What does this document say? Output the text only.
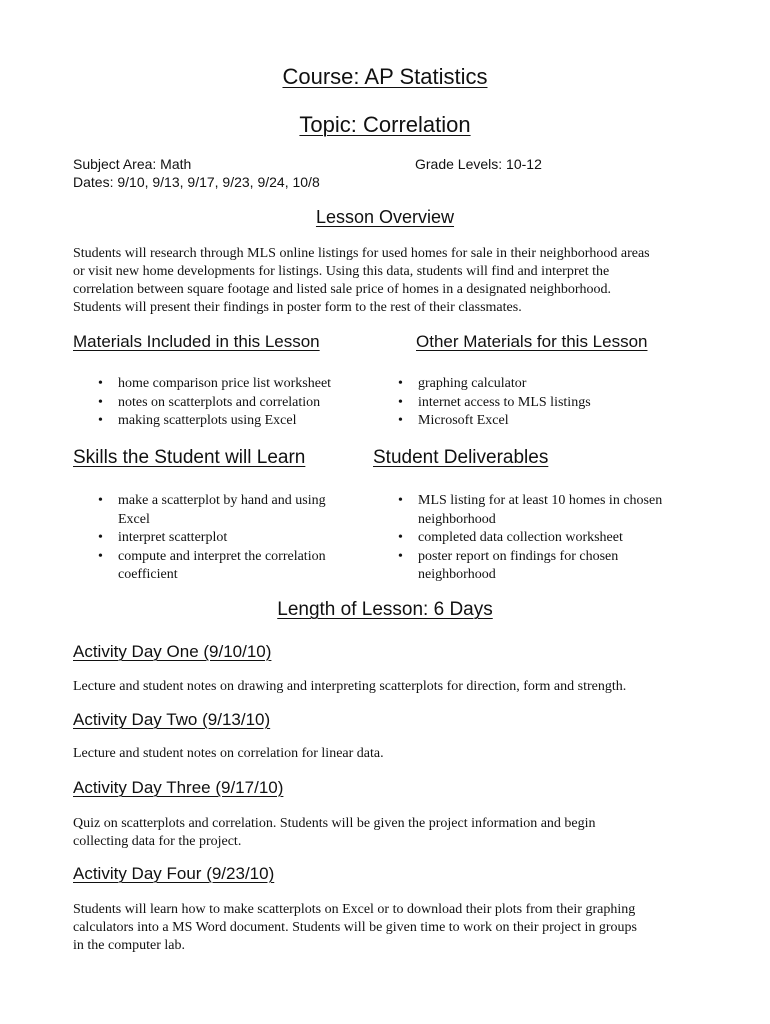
Course: AP Statistics
Topic: Correlation
Subject Area: Math	Grade Levels: 10-12
Dates: 9/10, 9/13, 9/17, 9/23, 9/24, 10/8
Lesson Overview
Students will research through MLS online listings for used homes for sale in their neighborhood areas
or visit new home developments for listings. Using this data, students will find and interpret the
correlation between square footage and listed sale price of homes in a designated neighborhood.
Students will present their findings in poster form to the rest of their classmates.
Materials Included in this Lesson	Other Materials for this Lesson
• home comparison price list worksheet
• notes on scatterplots and correlation
• making scatterplots using Excel
• graphing calculator
• internet access to MLS listings
• Microsoft Excel
Skills the Student will Learn	Student Deliverables
• make a scatterplot by hand and using Excel
• interpret scatterplot
• compute and interpret the correlation coefficient
• MLS listing for at least 10 homes in chosen neighborhood
• completed data collection worksheet
• poster report on findings for chosen neighborhood
Length of Lesson: 6 Days
Activity Day One (9/10/10)
Lecture and student notes on drawing and interpreting scatterplots for direction, form and strength.
Activity Day Two (9/13/10)
Lecture and student notes on correlation for linear data.
Activity Day Three (9/17/10)
Quiz on scatterplots and correlation. Students will be given the project information and begin
collecting data for the project.
Activity Day Four (9/23/10)
Students will learn how to make scatterplots on Excel or to download their plots from their graphing
calculators into a MS Word document. Students will be given time to work on their project in groups
in the computer lab.
